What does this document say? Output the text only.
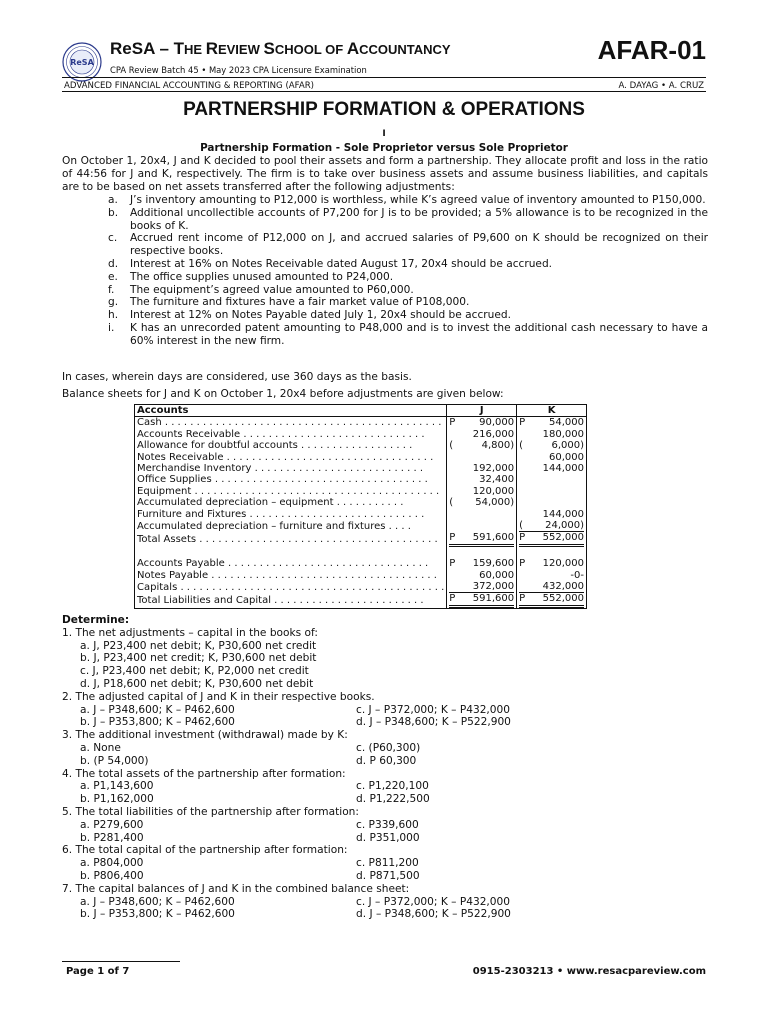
ReSA
ReSA – THE REVIEW SCHOOL OF ACCOUNTANCY
CPA Review Batch 45 • May 2023 CPA Licensure Examination
AFAR-01
ADVANCED FINANCIAL ACCOUNTING & REPORTING (AFAR)	A. DAYAG • A. CRUZ
PARTNERSHIP FORMATION & OPERATIONS
I
Partnership Formation - Sole Proprietor versus Sole Proprietor
On October 1, 20x4, J and K decided to pool their assets and form a partnership. They allocate profit and loss in the ratio of 44:56 for J and K, respectively. The firm is to take over business assets and assume business liabilities, and capitals are to be based on net assets transferred after the following adjustments:
a. J’s inventory amounting to P12,000 is worthless, while K’s agreed value of inventory amounted to P150,000.
b. Additional uncollectible accounts of P7,200 for J is to be provided; a 5% allowance is to be recognized in the books of K.
c. Accrued rent income of P12,000 on J, and accrued salaries of P9,600 on K should be recognized on their respective books.
d. Interest at 16% on Notes Receivable dated August 17, 20x4 should be accrued.
e. The office supplies unused amounted to P24,000.
f. The equipment’s agreed value amounted to P60,000.
g. The furniture and fixtures have a fair market value of P108,000.
h. Interest at 12% on Notes Payable dated July 1, 20x4 should be accrued.
i. K has an unrecorded patent amounting to P48,000 and is to invest the additional cash necessary to have a 60% interest in the new firm.
In cases, wherein days are considered, use 360 days as the basis.
Balance sheets for J and K on October 1, 20x4 before adjustments are given below:
Accounts	J	K
Cash . . . . . . . . . . . . . . . . . . . . . . . . . . . . . . . . . . . . . . . . . . . .	P 90,000	P 54,000

Accounts Receivable . . . . . . . . . . . . . . . . . . . . . . . . . . . . .	216,000	180,000

Allowance for doubtful accounts . . . . . . . . . . . . . . . . . .	( 4,800)	( 6,000)

Notes Receivable . . . . . . . . . . . . . . . . . . . . . . . . . . . . . . . . .		60,000

Merchandise Inventory . . . . . . . . . . . . . . . . . . . . . . . . . . .	192,000	144,000

Office Supplies . . . . . . . . . . . . . . . . . . . . . . . . . . . . . . . . . .	32,400	

Equipment . . . . . . . . . . . . . . . . . . . . . . . . . . . . . . . . . . . . . . .	120,000	

Accumulated depreciation – equipment . . . . . . . . . . .	( 54,000)	

Furniture and Fixtures . . . . . . . . . . . . . . . . . . . . . . . . . . . .		144,000

Accumulated depreciation – furniture and fixtures . . . .		( 24,000)

Total Assets . . . . . . . . . . . . . . . . . . . . . . . . . . . . . . . . . . . . . .	P 591,600	P 552,000

Accounts Payable . . . . . . . . . . . . . . . . . . . . . . . . . . . . . . . .	P 159,600	P 120,000

Notes Payable . . . . . . . . . . . . . . . . . . . . . . . . . . . . . . . . . . . .	60,000	-0-

Capitals . . . . . . . . . . . . . . . . . . . . . . . . . . . . . . . . . . . . . . . . . .	372,000	432,000

Total Liabilities and Capital . . . . . . . . . . . . . . . . . . . . . . . .	P 591,600	P 552,000
Determine:
1. The net adjustments – capital in the books of:
a. J, P23,400 net debit; K, P30,600 net credit
b. J, P23,400 net credit; K, P30,600 net debit
c. J, P23,400 net debit; K, P2,000 net credit
d. J, P18,600 net debit; K, P30,600 net debit
2. The adjusted capital of J and K in their respective books.
a. J – P348,600; K – P462,600	c. J – P372,000; K – P432,000
b. J – P353,800; K – P462,600	d. J – P348,600; K – P522,900
3. The additional investment (withdrawal) made by K:
a. None	c. (P60,300)
b. (P 54,000)	d. P 60,300
4. The total assets of the partnership after formation:
a. P1,143,600	c. P1,220,100
b. P1,162,000	d. P1,222,500
5. The total liabilities of the partnership after formation:
a. P279,600	c. P339,600
b. P281,400	d. P351,000
6. The total capital of the partnership after formation:
a. P804,000	c. P811,200
b. P806,400	d. P871,500
7. The capital balances of J and K in the combined balance sheet:
a. J – P348,600; K – P462,600	c. J – P372,000; K – P432,000
b. J – P353,800; K – P462,600	d. J – P348,600; K – P522,900
Page 1 of 7	0915-2303213 • www.resacpareview.com
